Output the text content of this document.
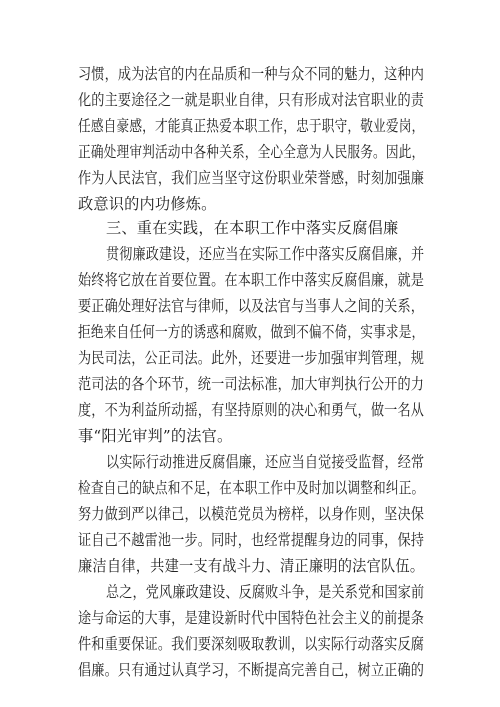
习惯，成为法官的内在品质和一种与众不同的魅力，这种内
化的主要途径之一就是职业自律，只有形成对法官职业的责
任感自豪感，才能真正热爱本职工作，忠于职守，敬业爱岗，
正确处理审判活动中各种关系，全心全意为人民服务。因此，
作为人民法官，我们应当坚守这份职业荣誉感，时刻加强廉
政意识的内功修炼。
三、重在实践，在本职工作中落实反腐倡廉
贯彻廉政建设，还应当在实际工作中落实反腐倡廉，并
始终将它放在首要位置。在本职工作中落实反腐倡廉，就是
要正确处理好法官与律师，以及法官与当事人之间的关系，
拒绝来自任何一方的诱惑和腐败，做到不偏不倚，实事求是，
为民司法，公正司法。此外，还要进一步加强审判管理，规
范司法的各个环节，统一司法标准，加大审判执行公开的力
度，不为利益所动摇，有坚持原则的决心和勇气，做一名从
事“阳光审判”的法官。
以实际行动推进反腐倡廉，还应当自觉接受监督，经常
检查自己的缺点和不足，在本职工作中及时加以调整和纠正。
努力做到严以律己，以模范党员为榜样，以身作则，坚决保
证自己不越雷池一步。同时，也经常提醒身边的同事，保持
廉洁自律，共建一支有战斗力、清正廉明的法官队伍。
总之，党风廉政建设、反腐败斗争，是关系党和国家前
途与命运的大事，是建设新时代中国特色社会主义的前提条
件和重要保证。我们要深刻吸取教训，以实际行动落实反腐
倡廉。只有通过认真学习，不断提高完善自己，树立正确的
